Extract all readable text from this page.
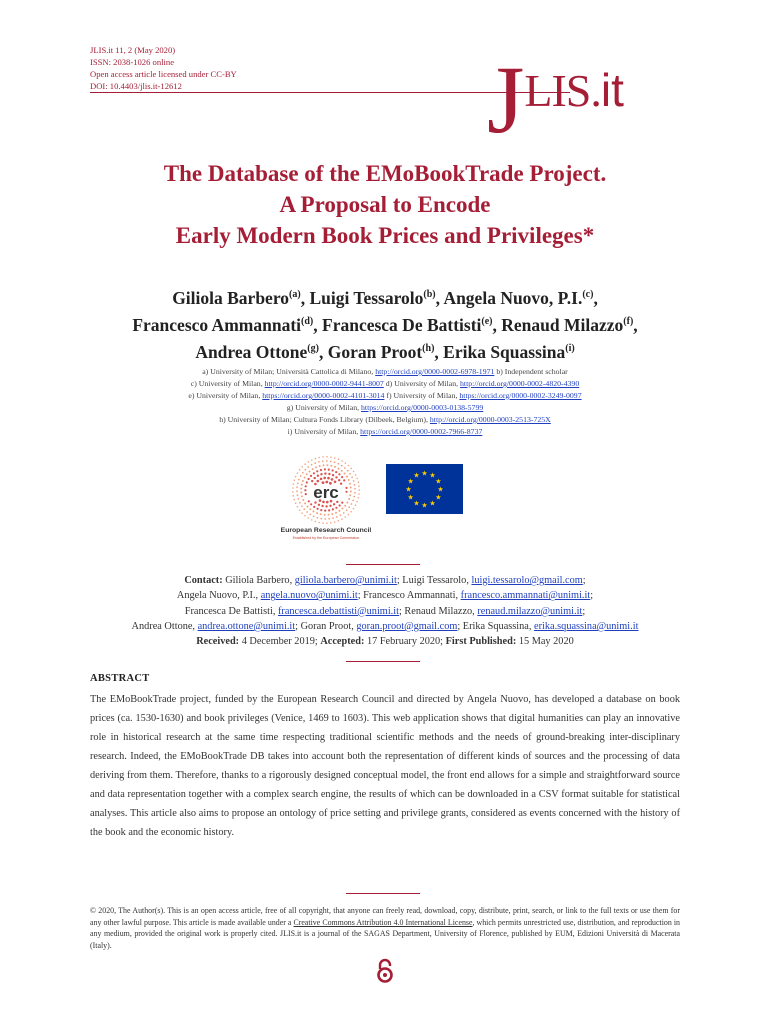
JLIS.it 11, 2 (May 2020)
ISSN: 2038-1026 online
Open access article licensed under CC-BY
DOI: 10.4403/jlis.it-12612	JLIS.it
The Database of the EMoBookTrade Project.
A Proposal to Encode
Early Modern Book Prices and Privileges*
Giliola Barbero$^{(a)}$, Luigi Tessarolo$^{(b)}$, Angela Nuovo, P.I.$^{(c)}$,
Francesco Ammannati$^{(d)}$, Francesca De Battisti$^{(e)}$, Renaud Milazzo$^{(f)}$,
Andrea Ottone$^{(g)}$, Goran Proot$^{(h)}$, Erika Squassina$^{(i)}$
a) University of Milan; Università Cattolica di Milano, http://orcid.org/0000-0002-6978-1971 b) Independent scholar
c) University of Milan, http://orcid.org/0000-0002-9441-8007 d) University of Milan, http://orcid.org/0000-0002-4820-4390
e) University of Milan, https://orcid.org/0000-0002-4101-3014 f) University of Milan, https://orcid.org/0000-0002-3249-0097
g) University of Milan, https://orcid.org/0000-0003-0138-5799
h) University of Milan; Cultura Fonds Library (Dilbeek, Belgium), http://orcid.org/0000-0003-2513-725X
i) University of Milan, https://orcid.org/0000-0002-7966-8737
erc
European Research Council
Established by the European Commission
★
★
★
★
★
★
★
★
★ ★ ★
★
Contact: Giliola Barbero, giliola.barbero@unimi.it; Luigi Tessarolo, luigi.tessarolo@gmail.com;
Angela Nuovo, P.I., angela.nuovo@unimi.it; Francesco Ammannati, francesco.ammannati@unimi.it;
Francesca De Battisti, francesca.debattisti@unimi.it; Renaud Milazzo, renaud.milazzo@unimi.it;
Andrea Ottone, andrea.ottone@unimi.it; Goran Proot, goran.proot@gmail.com; Erika Squassina, erika.squassina@unimi.it
Received: 4 December 2019; Accepted: 17 February 2020; First Published: 15 May 2020
ABSTRACT
The EMoBookTrade project, funded by the European Research Council and directed by Angela Nuovo, has developed a database on book prices (ca. 1530-1630) and book privileges (Venice, 1469 to 1603). This web application shows that digital humanities can play an innovative role in historical research at the same time respecting traditional scientific methods and the needs of ground-breaking inter-disciplinary research. Indeed, the EMoBookTrade DB takes into account both the representation of different kinds of sources and the processing of data deriving from them. Therefore, thanks to a rigorously designed conceptual model, the front end allows for a simple and straightforward source and data representation together with a complex search engine, the results of which can be downloaded in a CSV format suitable for statistical analyses. This article also aims to propose an ontology of price setting and privilege grants, considered as events concerned with the history of the book and the economic history.
© 2020, The Author(s). This is an open access article, free of all copyright, that anyone can freely read, download, copy, distribute, print, search, or link to the full texts or use them for any other lawful purpose. This article is made available under a Creative Commons Attribution 4.0 International License, which permits unrestricted use, distribution, and reproduction in any medium, provided the original work is properly cited. JLIS.it is a journal of the SAGAS Department, University of Florence, published by EUM, Edizioni Università di Macerata (Italy).
